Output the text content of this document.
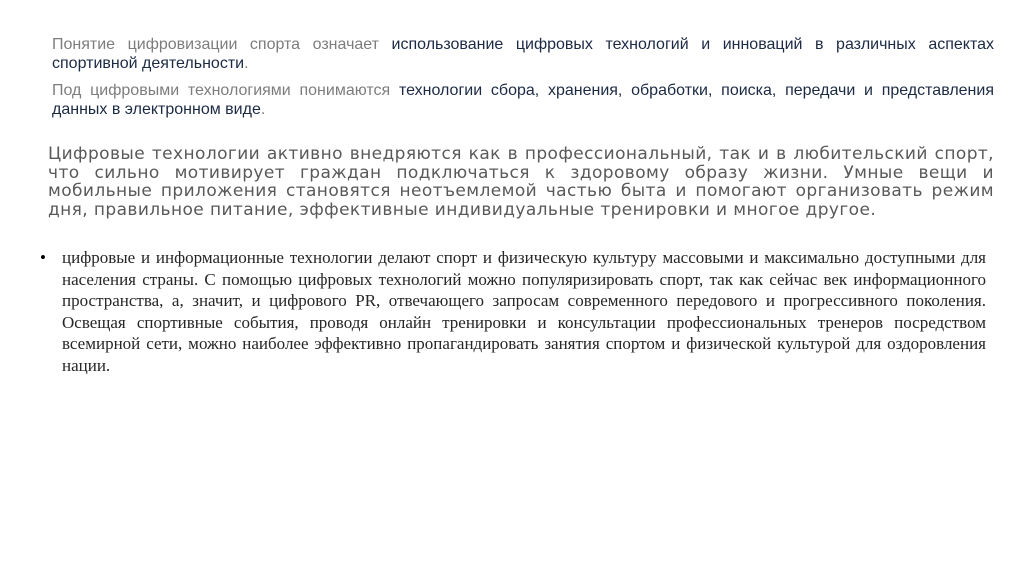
Понятие цифровизации спорта означает использование цифровых технологий и инноваций в различных аспектах спортивной деятельности.

Под цифровыми технологиями понимаются технологии сбора, хранения, обработки, поиска, передачи и представления данных в электронном виде.

Цифровые технологии активно внедряются как в профессиональный, так и в любительский спорт, что сильно мотивирует граждан подключаться к здоровому образу жизни. Умные вещи и мобильные приложения становятся неотъемлемой частью быта и помогают организовать режим дня, правильное питание, эффективные индивидуальные тренировки и многое другое.

• цифровые и информационные технологии делают спорт и физическую культуру массовыми и максимально доступными для населения страны. С помощью цифровых технологий можно популяризировать спорт, так как сейчас век информационного пространства, а, значит, и цифрового PR, отвечающего запросам современного передового и прогрессивного поколения. Освещая спортивные события, проводя онлайн тренировки и консультации профессиональных тренеров посредством всемирной сети, можно наиболее эффективно пропагандировать занятия спортом и физической культурой для оздоровления нации.
